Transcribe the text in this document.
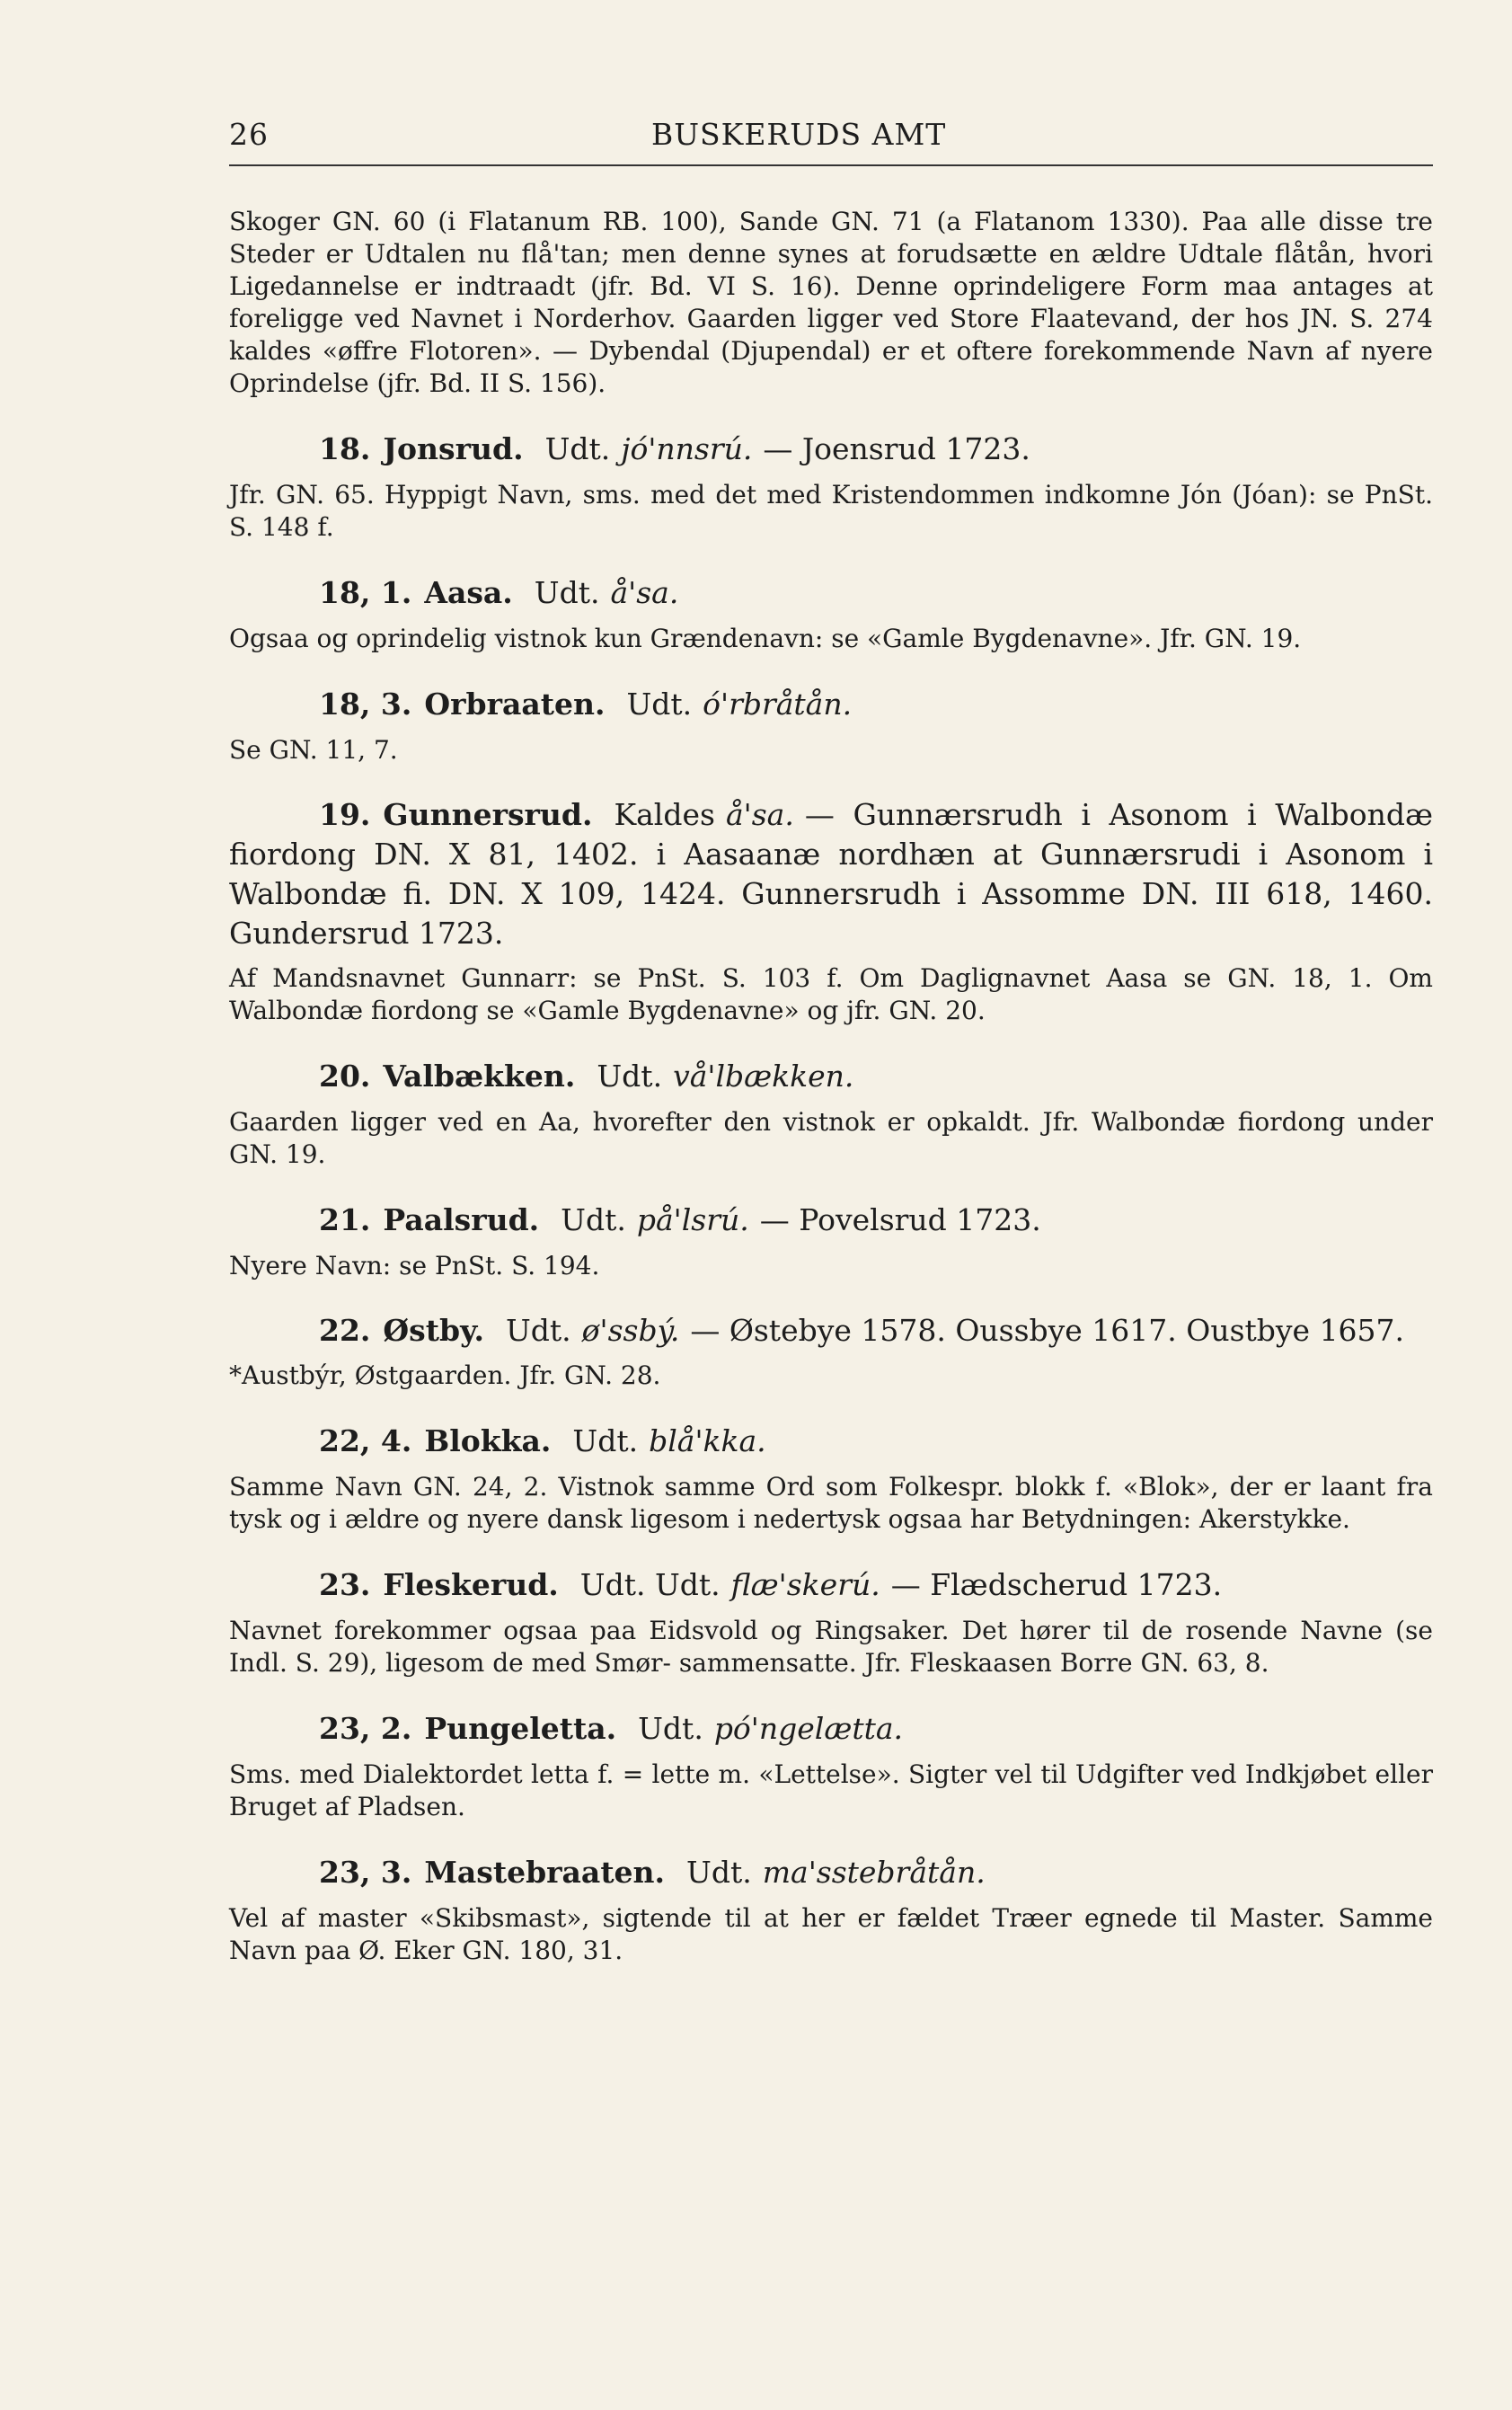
26	BUSKERUDS AMT

Skoger GN. 60 (i Flatanum RB. 100), Sande GN. 71 (a Flatanom 1330). Paa alle disse tre Steder er Udtalen nu flå'tan; men denne synes at forudsætte en ældre Udtale flåtån, hvori Ligedannelse er indtraadt (jfr. Bd. VI S. 16). Denne oprindeligere Form maa antages at foreligge ved Navnet i Norderhov. Gaarden ligger ved Store Flaatevand, der hos JN. S. 274 kaldes «øffre Flotoren». — Dybendal (Djupendal) er et oftere forekommende Navn af nyere Oprindelse (jfr. Bd. II S. 156).

18. Jonsrud. Udt. jó'nnsrú. — Joensrud 1723.

Jfr. GN. 65. Hyppigt Navn, sms. med det med Kristendommen indkomne Jón (Jóan): se PnSt. S. 148 f.

18, 1. Aasa. Udt. å'sa.

Ogsaa og oprindelig vistnok kun Grændenavn: se «Gamle Bygdenavne». Jfr. GN. 19.

18, 3. Orbraaten. Udt. ó'rbråtån.

Se GN. 11, 7.

19. Gunnersrud. Kaldes å'sa. — Gunnærsrudh i Asonom i Walbondæ fiordong DN. X 81, 1402. i Aasaanæ nordhæn at Gunnærsrudi i Asonom i Walbondæ fi. DN. X 109, 1424. Gunnersrudh i Assomme DN. III 618, 1460. Gundersrud 1723.

Af Mandsnavnet Gunnarr: se PnSt. S. 103 f. Om Daglignavnet Aasa se GN. 18, 1. Om Walbondæ fiordong se «Gamle Bygdenavne» og jfr. GN. 20.

20. Valbækken. Udt. vå'lbækken.

Gaarden ligger ved en Aa, hvorefter den vistnok er opkaldt. Jfr. Walbondæ fiordong under GN. 19.

21. Paalsrud. Udt. på'lsrú. — Povelsrud 1723.

Nyere Navn: se PnSt. S. 194.

22. Østby. Udt. ø'ssbý. — Østebye 1578. Oussbye 1617. Oustbye 1657.

*Austbýr, Østgaarden. Jfr. GN. 28.

22, 4. Blokka. Udt. blå'kka.

Samme Navn GN. 24, 2. Vistnok samme Ord som Folkespr. blokk f. «Blok», der er laant fra tysk og i ældre og nyere dansk ligesom i nedertysk ogsaa har Betydningen: Akerstykke.

23. Fleskerud. Udt. Udt. flæ'skerú. — Flædscherud 1723.

Navnet forekommer ogsaa paa Eidsvold og Ringsaker. Det hører til de rosende Navne (se Indl. S. 29), ligesom de med Smør- sammensatte. Jfr. Fleskaasen Borre GN. 63, 8.

23, 2. Pungeletta. Udt. pó'ngelætta.

Sms. med Dialektordet letta f. = lette m. «Lettelse». Sigter vel til Udgifter ved Indkjøbet eller Bruget af Pladsen.

23, 3. Mastebraaten. Udt. ma'sstebråtån.

Vel af master «Skibsmast», sigtende til at her er fældet Træer egnede til Master. Samme Navn paa Ø. Eker GN. 180, 31.
